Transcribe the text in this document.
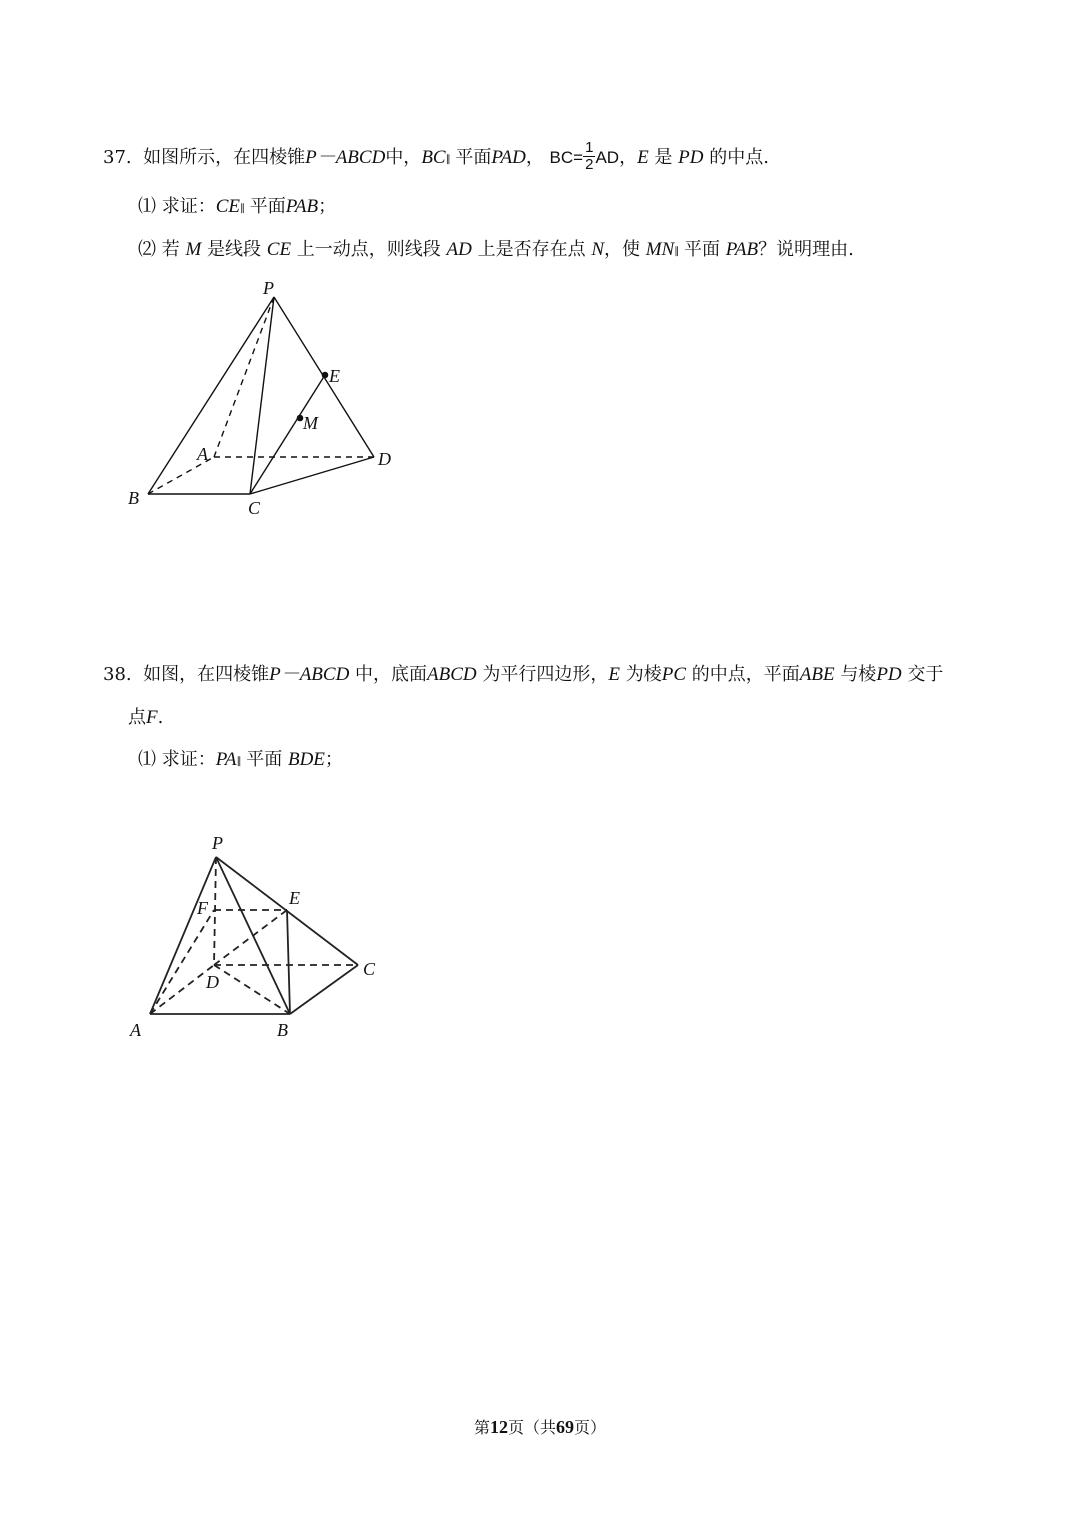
37. 如图所示，在四棱锥P－ABCD中，BC∥ 平面PAD， $BC= \frac{1}{2}$ AD，E 是 PD 的中点.
⑴ 求证：CE∥ 平面PAB；
⑵ 若 M 是线段 CE 上一动点，则线段 AD 上是否存在点 N，使 MN∥ 平面 PAB？说明理由.
P
E
M
A	D
B	C
P
F	E
D
C
A	B
38. 如图，在四棱锥P－ABCD 中，底面ABCD 为平行四边形，E 为棱PC 的中点，平面ABE 与棱PD 交于
点F.
⑴ 求证：PA∥ 平面 BDE；
第12页（共69页）
